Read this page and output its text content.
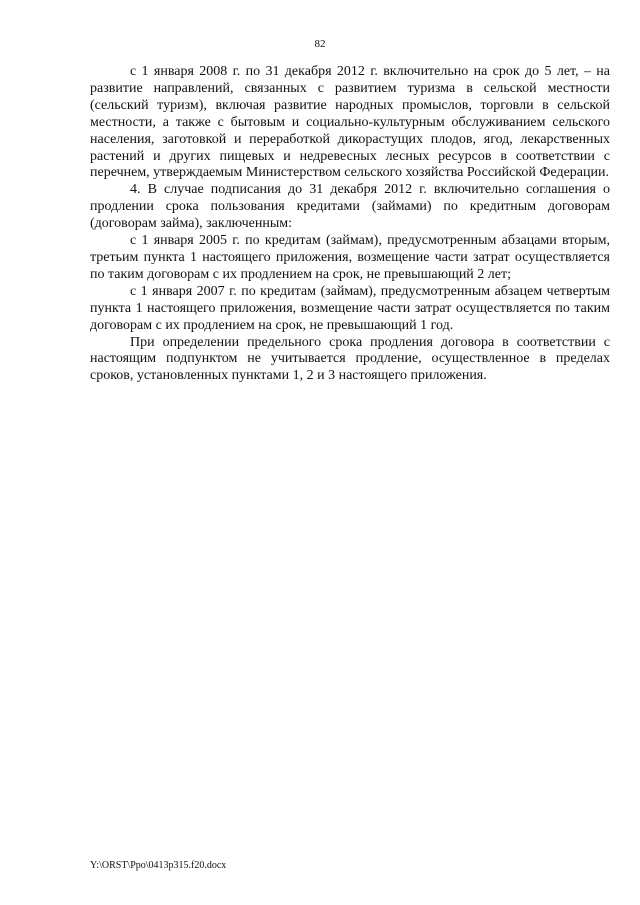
82

с 1 января 2008 г. по 31 декабря 2012 г. включительно на срок до 5 лет, – на развитие направлений, связанных с развитием туризма в сельской местности (сельский туризм), включая развитие народных промыслов, торговли в сельской местности, а также с бытовым и социально-культурным обслуживанием сельского населения, заготовкой и переработкой дикорастущих плодов, ягод, лекарственных растений и других пищевых и недревесных лесных ресурсов в соответствии с перечнем, утверждаемым Министерством сельского хозяйства Российской Федерации.

4. В случае подписания до 31 декабря 2012 г. включительно соглашения о продлении срока пользования кредитами (займами) по кредитным договорам (договорам займа), заключенным:

с 1 января 2005 г. по кредитам (займам), предусмотренным абзацами вторым, третьим пункта 1 настоящего приложения, возмещение части затрат осуществляется по таким договорам с их продлением на срок, не превышающий 2 лет;

с 1 января 2007 г. по кредитам (займам), предусмотренным абзацем четвертым пункта 1 настоящего приложения, возмещение части затрат осуществляется по таким договорам с их продлением на срок, не превышающий 1 год.

При определении предельного срока продления договора в соответствии с настоящим подпунктом не учитывается продление, осуществленное в пределах сроков, установленных пунктами 1, 2 и 3 настоящего приложения.

Y:\ORST\Ppo\0413p315.f20.docx
